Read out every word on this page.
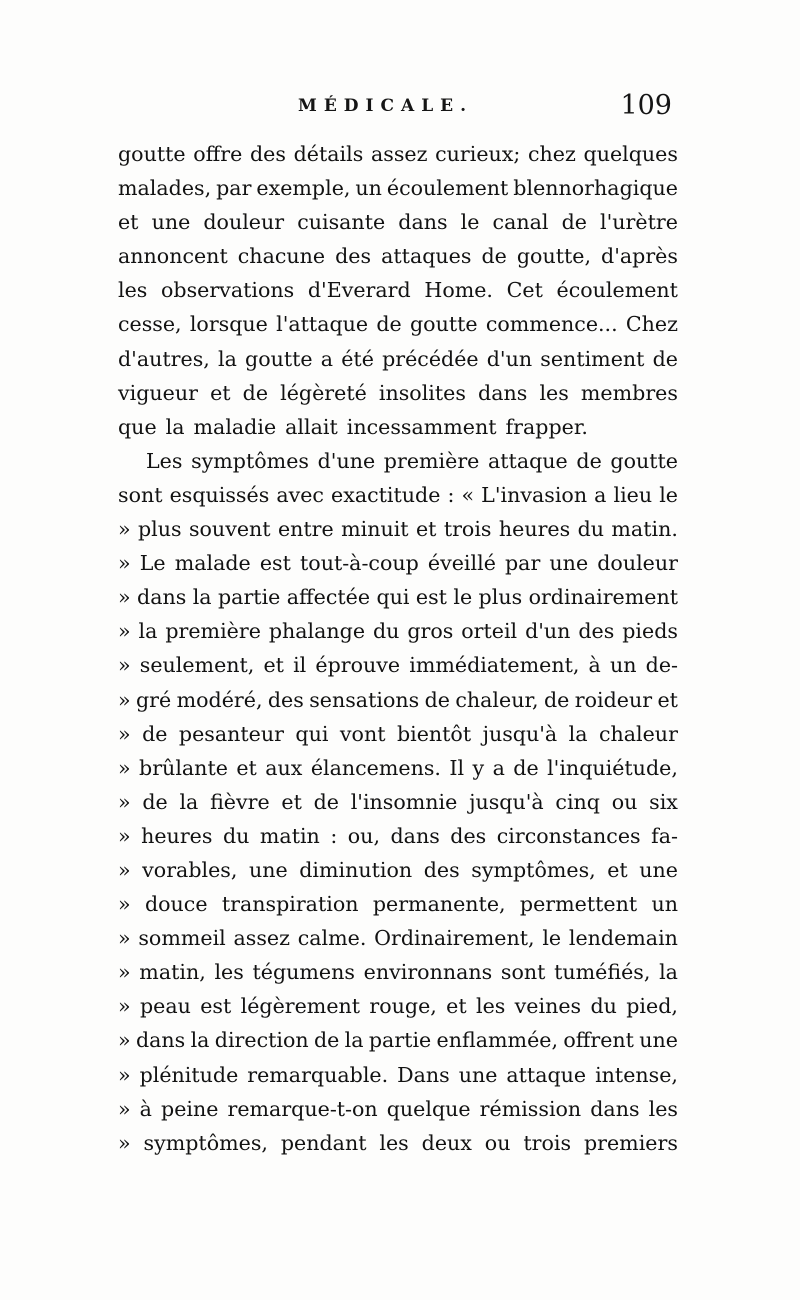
MÉDICALE.	109
goutte offre des détails assez curieux; chez quelques
malades, par exemple, un écoulement blennorhagique
et une douleur cuisante dans le canal de l'urètre
annoncent chacune des attaques de goutte, d'après
les observations d'Everard Home. Cet écoulement
cesse, lorsque l'attaque de goutte commence... Chez
d'autres, la goutte a été précédée d'un sentiment de
vigueur et de légèreté insolites dans les membres
que la maladie allait incessamment frapper.
Les symptômes d'une première attaque de goutte
sont esquissés avec exactitude : « L'invasion a lieu le
» plus souvent entre minuit et trois heures du matin.
» Le malade est tout-à-coup éveillé par une douleur
» dans la partie affectée qui est le plus ordinairement
» la première phalange du gros orteil d'un des pieds
» seulement, et il éprouve immédiatement, à un de-
» gré modéré, des sensations de chaleur, de roideur et
» de pesanteur qui vont bientôt jusqu'à la chaleur
» brûlante et aux élancemens. Il y a de l'inquiétude,
» de la fièvre et de l'insomnie jusqu'à cinq ou six
» heures du matin : ou, dans des circonstances fa-
» vorables, une diminution des symptômes, et une
» douce transpiration permanente, permettent un
» sommeil assez calme. Ordinairement, le lendemain
» matin, les tégumens environnans sont tuméfiés, la
» peau est légèrement rouge, et les veines du pied,
» dans la direction de la partie enflammée, offrent une
» plénitude remarquable. Dans une attaque intense,
» à peine remarque-t-on quelque rémission dans les
» symptômes, pendant les deux ou trois premiers
